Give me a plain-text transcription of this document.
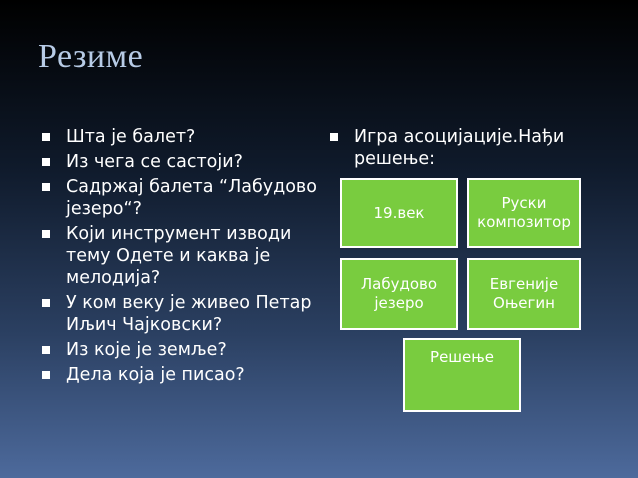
Резиме
Шта је балет?
Из чега се састоји?
Садржај балета “Лабудово језеро“?
Који инструмент изводи тему Одете и каква је мелодија?
У ком веку је живео Петар Иљич Чајковски?
Из које је земље?
Дела која је писао?
Игра асоцијације.Нађи решење:
19.век
Руски композитор
Лабудово језеро
Евгеније Оњегин
Решење
